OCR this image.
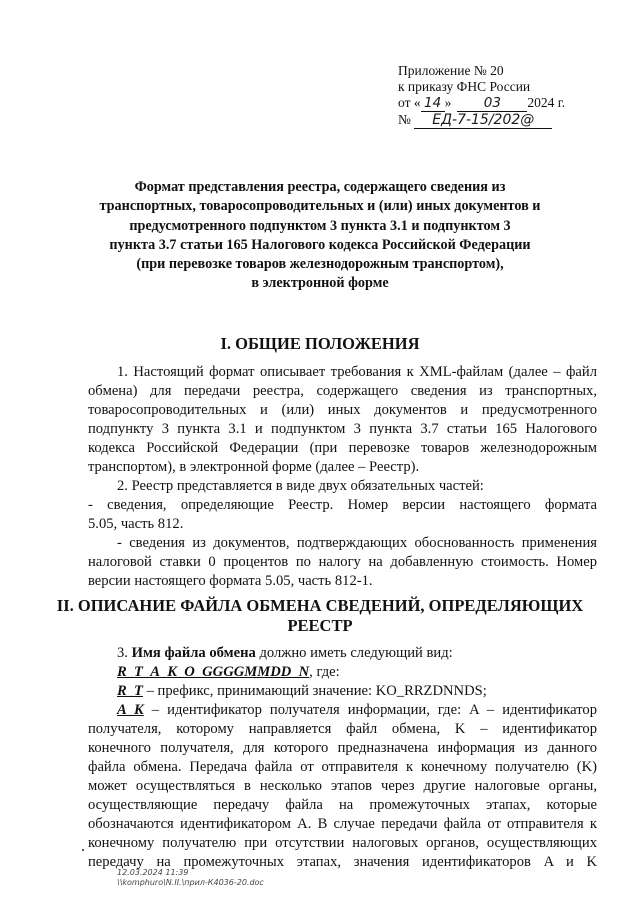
Приложение № 20
к приказу ФНС России
от « 14 » 03 2024 г.
№ ЕД-7-15/202@
Формат представления реестра, содержащего сведения из
транспортных, товаросопроводительных и (или) иных документов и
предусмотренного подпунктом 3 пункта 3.1 и подпунктом 3
пункта 3.7 статьи 165 Налогового кодекса Российской Федерации
(при перевозке товаров железнодорожным транспортом),
в электронной форме
I. ОБЩИЕ ПОЛОЖЕНИЯ
1. Настоящий формат описывает требования к XML-файлам (далее – файл
обмена) для передачи реестра, содержащего сведения из транспортных,
товаросопроводительных и (или) иных документов и предусмотренного
подпункту 3 пункта 3.1 и подпунктом 3 пункта 3.7 статьи 165 Налогового
кодекса Российской Федерации (при перевозке товаров железнодорожным
транспортом), в электронной форме (далее – Реестр).
2. Реестр представляется в виде двух обязательных частей:
- сведения, определяющие Реестр. Номер версии настоящего формата
5.05, часть 812.
- сведения из документов, подтверждающих обоснованность применения
налоговой ставки 0 процентов по налогу на добавленную стоимость. Номер
версии настоящего формата 5.05, часть 812-1.
II. ОПИСАНИЕ ФАЙЛА ОБМЕНА СВЕДЕНИЙ, ОПРЕДЕЛЯЮЩИХ
РЕЕСТР
3. Имя файла обмена должно иметь следующий вид:
R_T_A_K_O_GGGGMMDD_N, где:
R_T – префикс, принимающий значение: KO_RRZDNNDS;
A_K – идентификатор получателя информации, где: A – идентификатор
получателя, которому направляется файл обмена, K – идентификатор
конечного получателя, для которого предназначена информация из данного
файла обмена. Передача файла от отправителя к конечному получателю (K)
может осуществляться в несколько этапов через другие налоговые органы,
осуществляющие передачу файла на промежуточных этапах, которые
обозначаются идентификатором A. В случае передачи файла от отправителя к
конечному получателю при отсутствии налоговых органов, осуществляющих
передачу на промежуточных этапах, значения идентификаторов A и K
12.03.2024 11:39
\\komphuro\N.II.\прил-К4036-20.doc
